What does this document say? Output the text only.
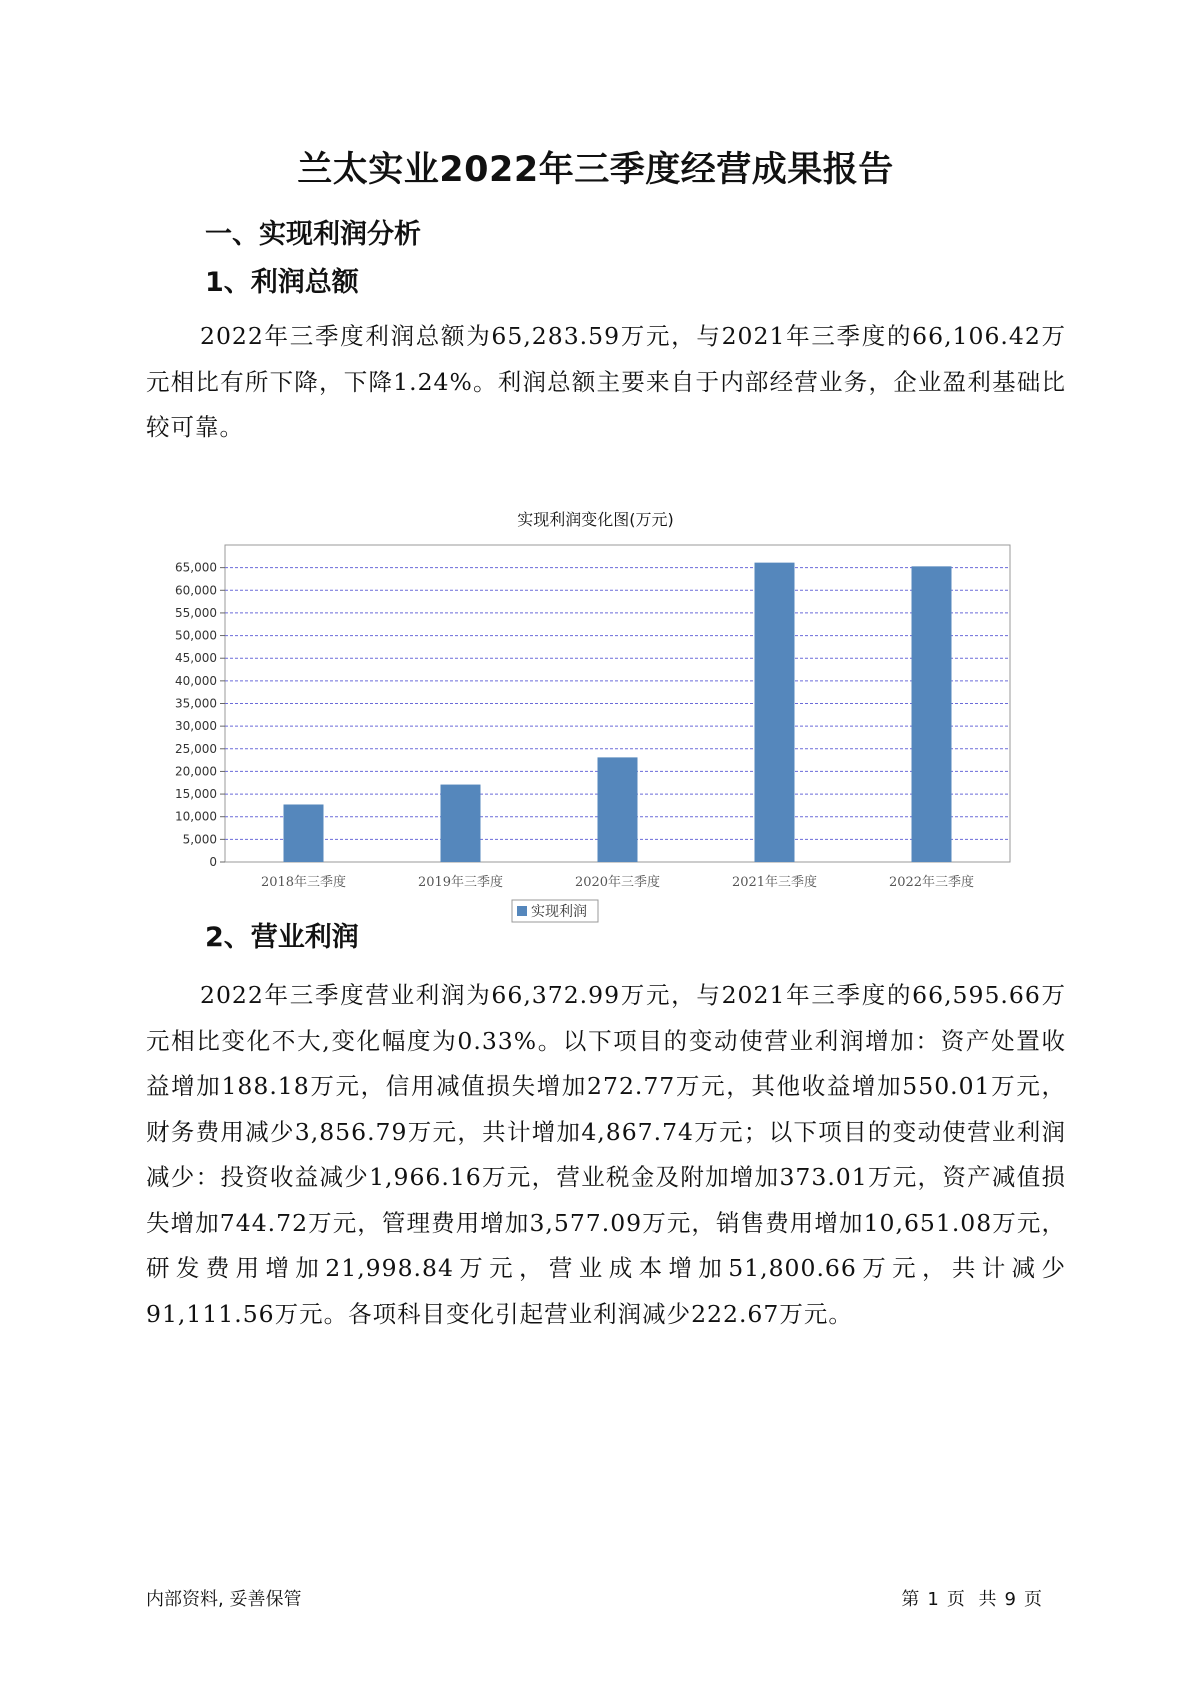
兰太实业2022年三季度经营成果报告
一、实现利润分析
1、利润总额
2022年三季度利润总额为65,283.59万元，与2021年三季度的66,106.42万元相比有所下降，下降1.24%。利润总额主要来自于内部经营业务，企业盈利基础比较可靠。
实现利润变化图(万元)
0
5,000
10,000
15,000
20,000
25,000
30,000
35,000
40,000
45,000
50,000
55,000
60,000
65,000
2018年三季度	2019年三季度	2020年三季度	2021年三季度	2022年三季度
实现利润
2、营业利润
2022年三季度营业利润为66,372.99万元，与2021年三季度的66,595.66万元相比变化不大,变化幅度为0.33%。以下项目的变动使营业利润增加：资产处置收益增加188.18万元，信用减值损失增加272.77万元，其他收益增加550.01万元，财务费用减少3,856.79万元，共计增加4,867.74万元；以下项目的变动使营业利润减少：投资收益减少1,966.16万元，营业税金及附加增加373.01万元，资产减值损失增加744.72万元，管理费用增加3,577.09万元，销售费用增加10,651.08万元，研发费用增加21,998.84万元，营业成本增加51,800.66万元，共计减少91,111.56万元。各项科目变化引起营业利润减少222.67万元。
内部资料, 妥善保管	第 1 页 共 9 页
